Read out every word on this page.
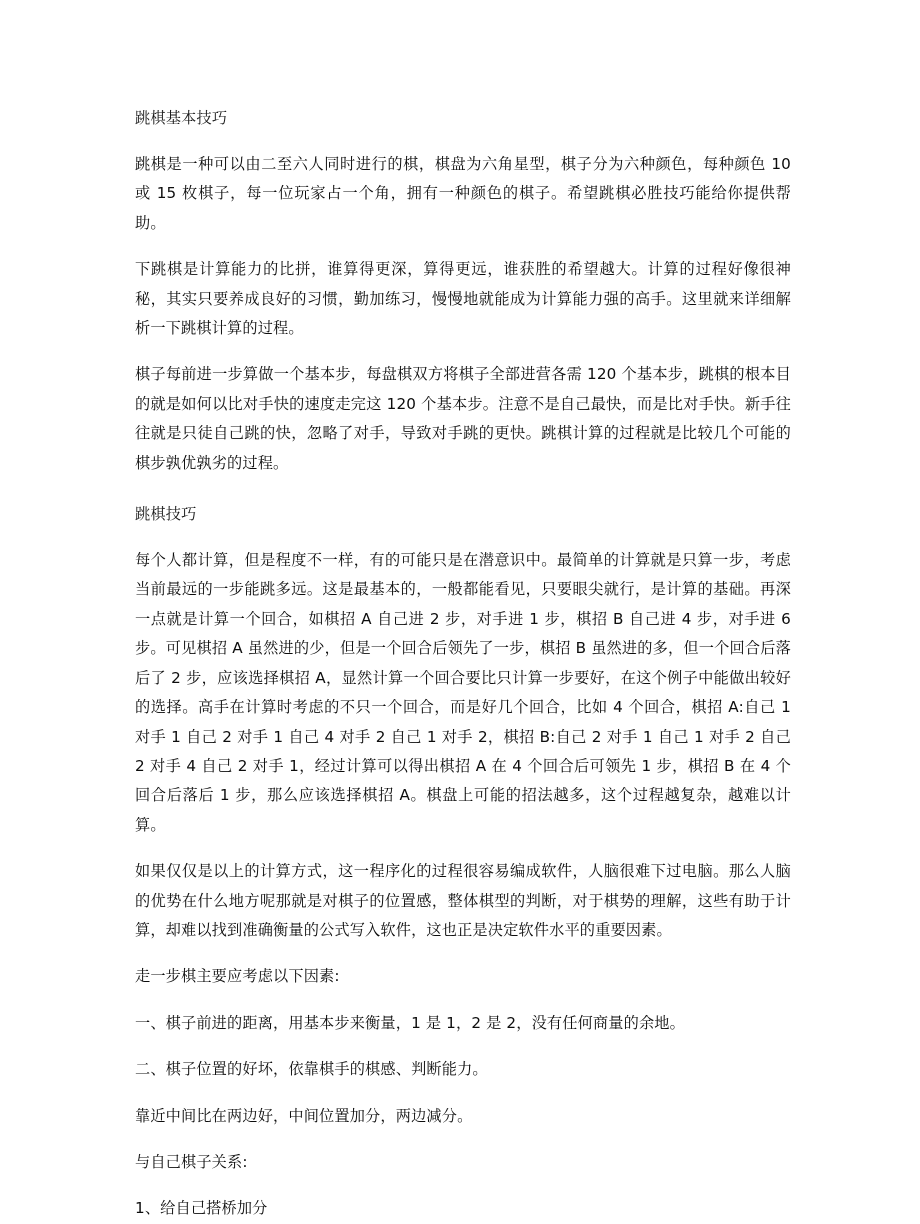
跳棋基本技巧

跳棋是一种可以由二至六人同时进行的棋，棋盘为六角星型，棋子分为六种颜色，每种颜色 10 或 15 枚棋子，每一位玩家占一个角，拥有一种颜色的棋子。希望跳棋必胜技巧能给你提供帮助。

下跳棋是计算能力的比拼，谁算得更深，算得更远，谁获胜的希望越大。计算的过程好像很神秘，其实只要养成良好的习惯，勤加练习，慢慢地就能成为计算能力强的高手。这里就来详细解析一下跳棋计算的过程。

棋子每前进一步算做一个基本步，每盘棋双方将棋子全部进营各需 120 个基本步，跳棋的根本目的就是如何以比对手快的速度走完这 120 个基本步。注意不是自己最快，而是比对手快。新手往往就是只徒自己跳的快，忽略了对手，导致对手跳的更快。跳棋计算的过程就是比较几个可能的棋步孰优孰劣的过程。

跳棋技巧

每个人都计算，但是程度不一样，有的可能只是在潜意识中。最简单的计算就是只算一步，考虑当前最远的一步能跳多远。这是最基本的，一般都能看见，只要眼尖就行，是计算的基础。再深一点就是计算一个回合，如棋招 A 自己进 2 步，对手进 1 步，棋招 B 自己进 4 步，对手进 6 步。可见棋招 A 虽然进的少，但是一个回合后领先了一步，棋招 B 虽然进的多，但一个回合后落后了 2 步，应该选择棋招 A，显然计算一个回合要比只计算一步要好，在这个例子中能做出较好的选择。高手在计算时考虑的不只一个回合，而是好几个回合，比如 4 个回合，棋招 A:自己 1 对手 1 自己 2 对手 1 自己 4 对手 2 自己 1 对手 2，棋招 B:自己 2 对手 1 自己 1 对手 2 自己 2 对手 4 自己 2 对手 1，经过计算可以得出棋招 A 在 4 个回合后可领先 1 步，棋招 B 在 4 个回合后落后 1 步，那么应该选择棋招 A。棋盘上可能的招法越多，这个过程越复杂，越难以计算。

如果仅仅是以上的计算方式，这一程序化的过程很容易编成软件，人脑很难下过电脑。那么人脑的优势在什么地方呢那就是对棋子的位置感，整体棋型的判断，对于棋势的理解，这些有助于计算，却难以找到准确衡量的公式写入软件，这也正是决定软件水平的重要因素。

走一步棋主要应考虑以下因素:

一、棋子前进的距离，用基本步来衡量，1 是 1，2 是 2，没有任何商量的余地。

二、棋子位置的好坏，依靠棋手的棋感、判断能力。

靠近中间比在两边好，中间位置加分，两边减分。

与自己棋子关系:

1、给自己搭桥加分
